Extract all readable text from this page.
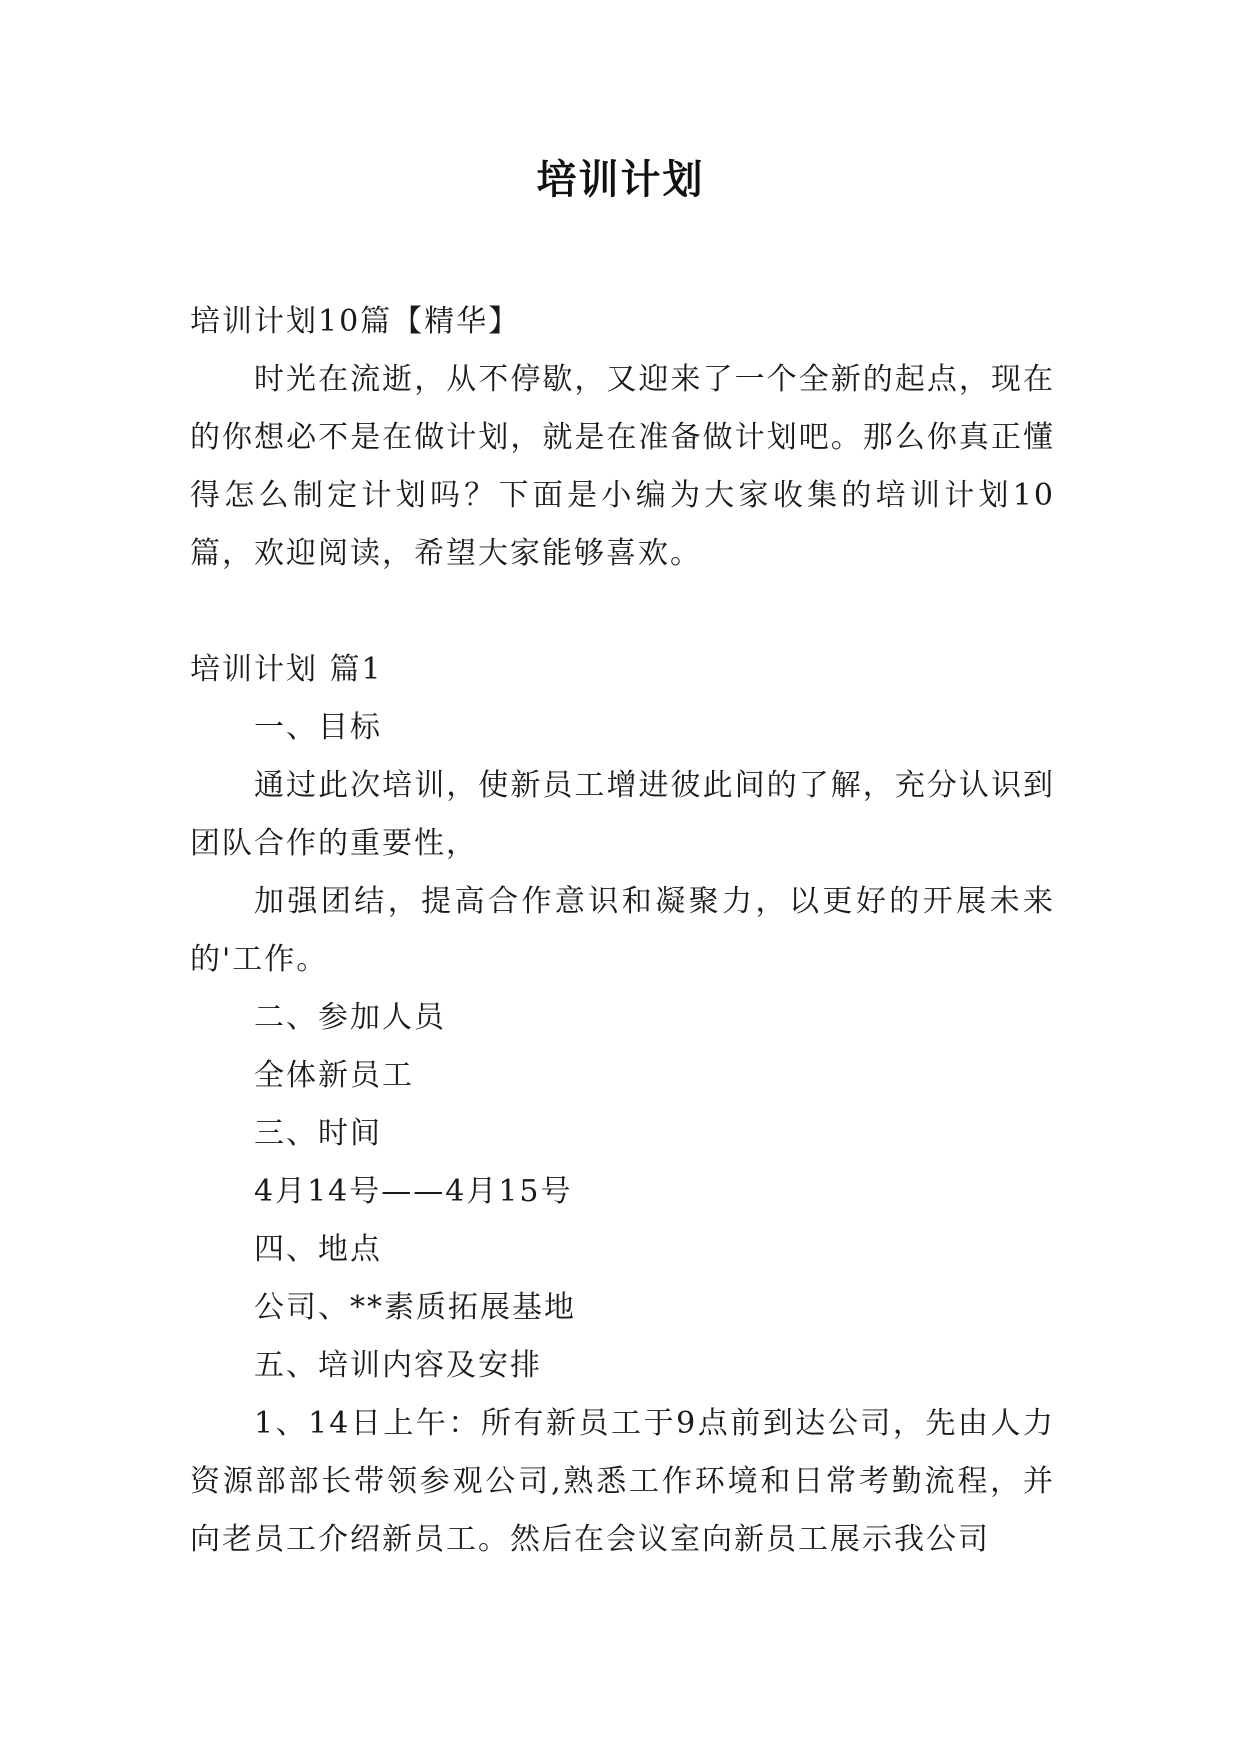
培训计划

培训计划10篇【精华】

时光在流逝，从不停歇，又迎来了一个全新的起点，现在的你想必不是在做计划，就是在准备做计划吧。那么你真正懂得怎么制定计划吗？下面是小编为大家收集的培训计划10篇，欢迎阅读，希望大家能够喜欢。

培训计划 篇1

一、目标

通过此次培训，使新员工增进彼此间的了解，充分认识到团队合作的重要性，

加强团结，提高合作意识和凝聚力，以更好的开展未来的'工作。

二、参加人员

全体新员工

三、时间

4月14号——4月15号

四、地点

公司、**素质拓展基地

五、培训内容及安排

1、14日上午：所有新员工于9点前到达公司，先由人力资源部部长带领参观公司,熟悉工作环境和日常考勤流程，并向老员工介绍新员工。然后在会议室向新员工展示我公司
